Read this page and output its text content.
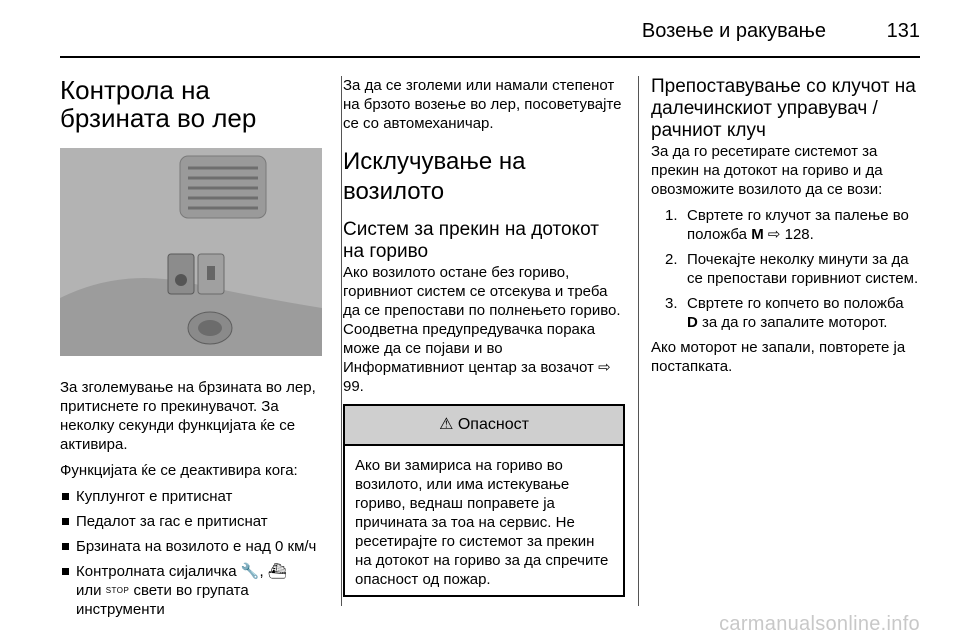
Возење и ракување	131
Контрола на брзината во лер

За зголемување на брзината во лер, притиснете го прекинувачот. За неколку секунди функцијата ќе се активира.

Функцијата ќе се деактивира кога:

Куплунгот е притиснат
Педалот за гас е притиснат
Брзината на возилото е над 0 км/ч
Контролната сијаличка 🔧, ⛴
или STOP свети во групата инструменти

За да се зголеми или намали степенот на брзото возење во лер, посоветувајте се со автомеханичар.

Исклучување на возилото
Систем за прекин на дотокот на гориво

Ако возилото остане без гориво, горивниот систем се отсекува и треба да се препостави по полнењето гориво. Соодветна предупредувачка порака може да се појави и во Информативниот центар за возачот ⇨ 99.

⚠ Опасност

Ако ви замириса на гориво во возилото, или има истекување гориво, веднаш поправете ја причината за тоа на сервис. Не ресетирајте го системот за прекин на дотокот на гориво за да спречите опасност од пожар.

Препоставување со клучот на далечинскиот управувач / рачниот клуч

За да го ресетирате системот за прекин на дотокот на гориво и да овозможите возилото да се вози:

1. Свртете го клучот за палење во положба M ⇨ 128.
2. Почекајте неколку минути за да се препостави горивниот систем.
3. Свртете го копчето во положба
D за да го запалите моторот.

Ако моторот не запали, повторете ја постапката.

carmanualsonline.info
